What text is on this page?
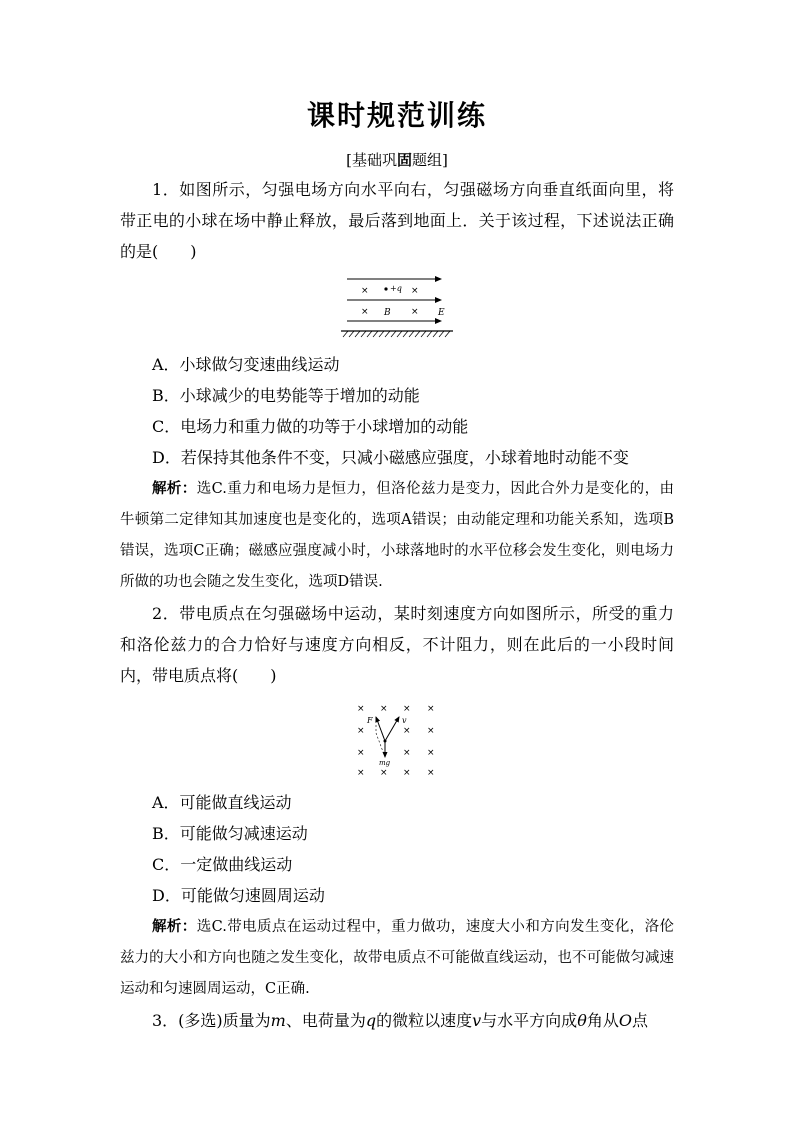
课时规范训练
[基础巩固题组]

1．如图所示，匀强电场方向水平向右，匀强磁场方向垂直纸面向里，将带正电的小球在场中静止释放，最后落到地面上．关于该过程，下述说法正确的是(　　)

×	+q ×
× B × E

A．小球做匀变速曲线运动

B．小球减少的电势能等于增加的动能

C．电场力和重力做的功等于小球增加的动能

D．若保持其他条件不变，只减小磁感应强度，小球着地时动能不变

解析：选C.重力和电场力是恒力，但洛伦兹力是变力，因此合外力是变化的，由牛顿第二定律知其加速度也是变化的，选项A错误；由动能定理和功能关系知，选项B错误，选项C正确；磁感应强度减小时，小球落地时的水平位移会发生变化，则电场力所做的功也会随之发生变化，选项D错误.

2．带电质点在匀强磁场中运动，某时刻速度方向如图所示，所受的重力和洛伦兹力的合力恰好与速度方向相反，不计阻力，则在此后的一小段时间内，带电质点将(　　)

× × × ×
×	× ×
×	× ×
× × × ×
F	v
mg

A．可能做直线运动

B．可能做匀减速运动

C．一定做曲线运动

D．可能做匀速圆周运动

解析：选C.带电质点在运动过程中，重力做功，速度大小和方向发生变化，洛伦兹力的大小和方向也随之发生变化，故带电质点不可能做直线运动，也不可能做匀减速运动和匀速圆周运动，C正确.

3．(多选)质量为m、电荷量为q的微粒以速度v与水平方向成θ角从O点
